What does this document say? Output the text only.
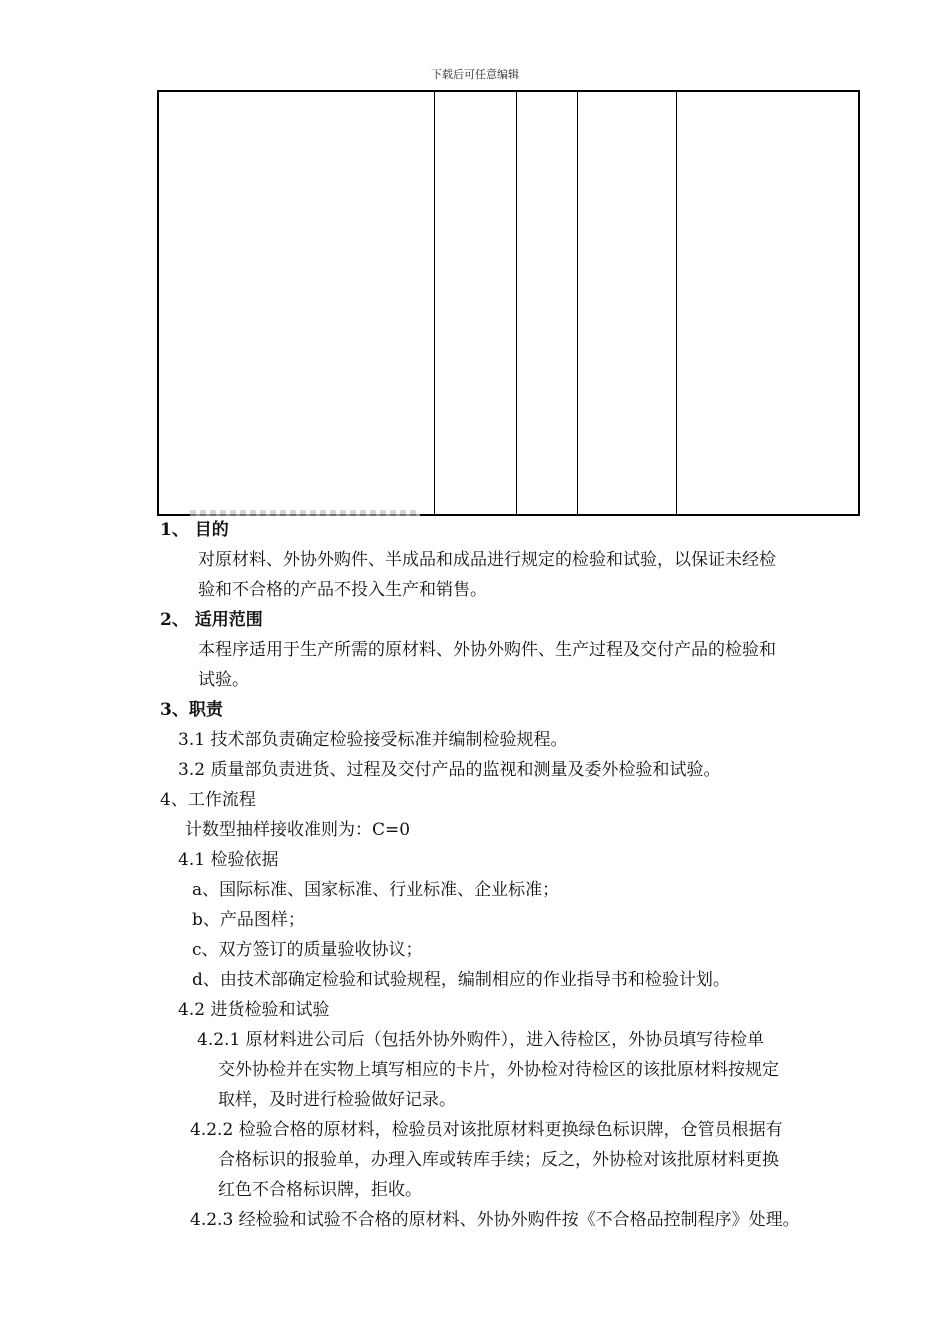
下载后可任意编辑
1、 目的
对原材料、外协外购件、半成品和成品进行规定的检验和试验，以保证未经检
验和不合格的产品不投入生产和销售。
2、 适用范围
本程序适用于生产所需的原材料、外协外购件、生产过程及交付产品的检验和
试验。
3、职责
3.1 技术部负责确定检验接受标准并编制检验规程。
3.2 质量部负责进货、过程及交付产品的监视和测量及委外检验和试验。
4、工作流程
计数型抽样接收准则为：C=0
4.1 检验依据
a、国际标准、国家标准、行业标准、企业标准；
b、产品图样；
c、双方签订的质量验收协议；
d、由技术部确定检验和试验规程，编制相应的作业指导书和检验计划。
4.2 进货检验和试验
4.2.1 原材料进公司后（包括外协外购件），进入待检区，外协员填写待检单
交外协检并在实物上填写相应的卡片，外协检对待检区的该批原材料按规定
取样，及时进行检验做好记录。
4.2.2 检验合格的原材料，检验员对该批原材料更换绿色标识牌，仓管员根据有
合格标识的报验单，办理入库或转库手续；反之，外协检对该批原材料更换
红色不合格标识牌，拒收。
4.2.3 经检验和试验不合格的原材料、外协外购件按《不合格品控制程序》处理。
